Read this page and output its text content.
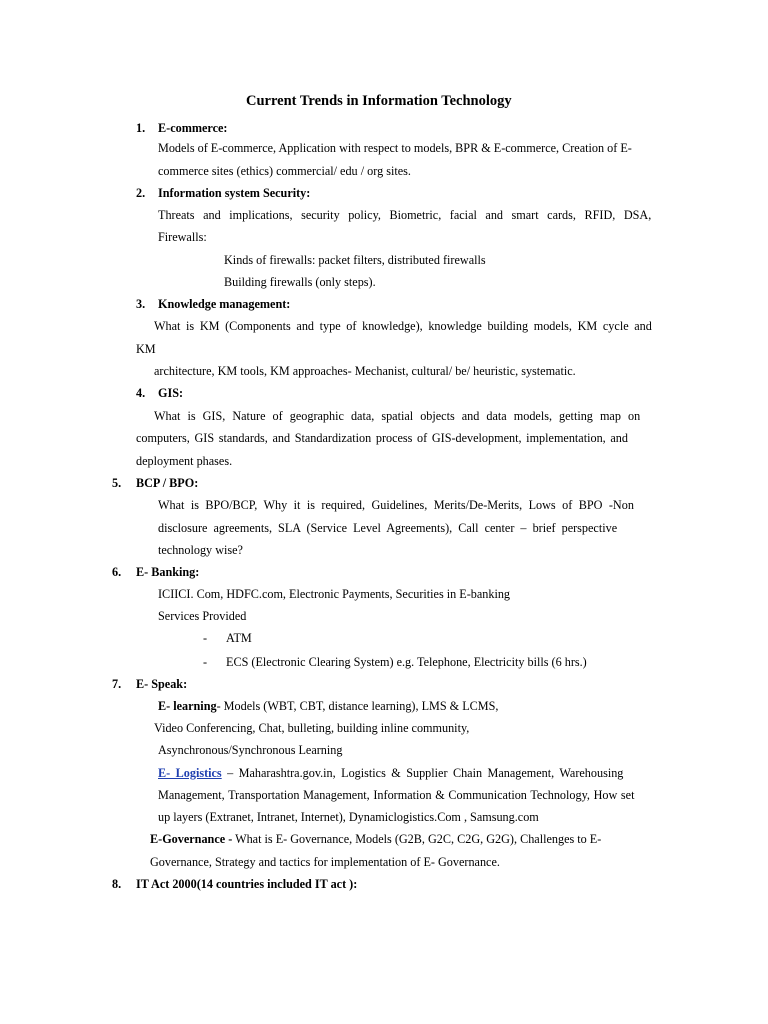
Current Trends in Information Technology
1. E-commerce:
Models of E-commerce, Application with respect to models, BPR & E-commerce, Creation of E-
commerce sites (ethics) commercial/ edu / org sites.
2. Information system Security:
Threats and implications, security policy, Biometric, facial and smart cards, RFID, DSA,
Firewalls:
Kinds of firewalls: packet filters, distributed firewalls
Building firewalls (only steps).
3. Knowledge management:
What is KM (Components and type of knowledge), knowledge building models, KM cycle and
KM
architecture, KM tools, KM approaches- Mechanist, cultural/ be/ heuristic, systematic.
4. GIS:
What is GIS, Nature of geographic data, spatial objects and data models, getting map on
computers, GIS standards, and Standardization process of GIS-development, implementation, and
deployment phases.
5. BCP / BPO:
What is BPO/BCP, Why it is required, Guidelines, Merits/De-Merits, Lows of BPO -Non
disclosure agreements, SLA (Service Level Agreements), Call center – brief perspective
technology wise?
6. E- Banking:
ICIICI. Com, HDFC.com, Electronic Payments, Securities in E-banking
Services Provided
- ATM
- ECS (Electronic Clearing System) e.g. Telephone, Electricity bills (6 hrs.)
7. E- Speak:
E- learning- Models (WBT, CBT, distance learning), LMS & LCMS,
Video Conferencing, Chat, bulleting, building inline community,
Asynchronous/Synchronous Learning
E- Logistics – Maharashtra.gov.in, Logistics & Supplier Chain Management, Warehousing
Management, Transportation Management, Information & Communication Technology, How set
up layers (Extranet, Intranet, Internet), Dynamiclogistics.Com , Samsung.com
E-Governance - What is E- Governance, Models (G2B, G2C, C2G, G2G), Challenges to E-
Governance, Strategy and tactics for implementation of E- Governance.
8. IT Act 2000(14 countries included IT act ):
